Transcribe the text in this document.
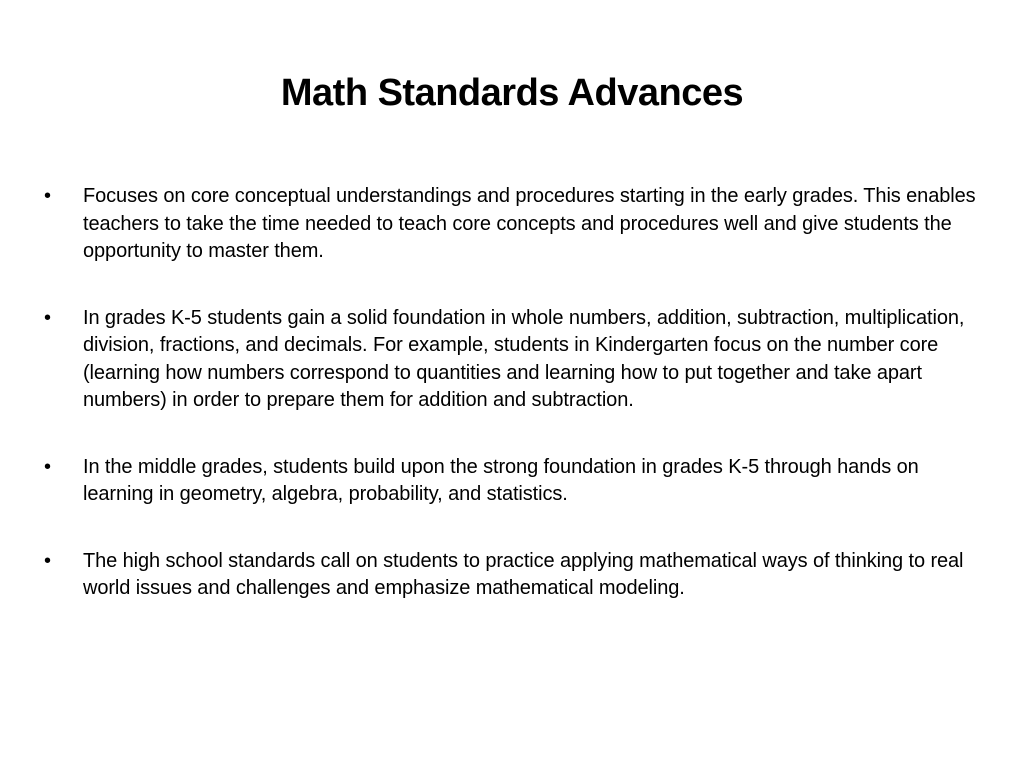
Math Standards Advances
•	Focuses on core conceptual understandings and procedures starting in the early grades. This enables teachers to take the time needed to teach core concepts and procedures well and give students the opportunity to master them.
•	In grades K-5 students gain a solid foundation in whole numbers, addition, subtraction, multiplication, division, fractions, and decimals. For example, students in Kindergarten focus on the number core (learning how numbers correspond to quantities and learning how to put together and take apart numbers) in order to prepare them for addition and subtraction.
•	In the middle grades, students build upon the strong foundation in grades K-5 through hands on learning in geometry, algebra, probability, and statistics.
•	The high school standards call on students to practice applying mathematical ways of thinking to real world issues and challenges and emphasize mathematical modeling.
